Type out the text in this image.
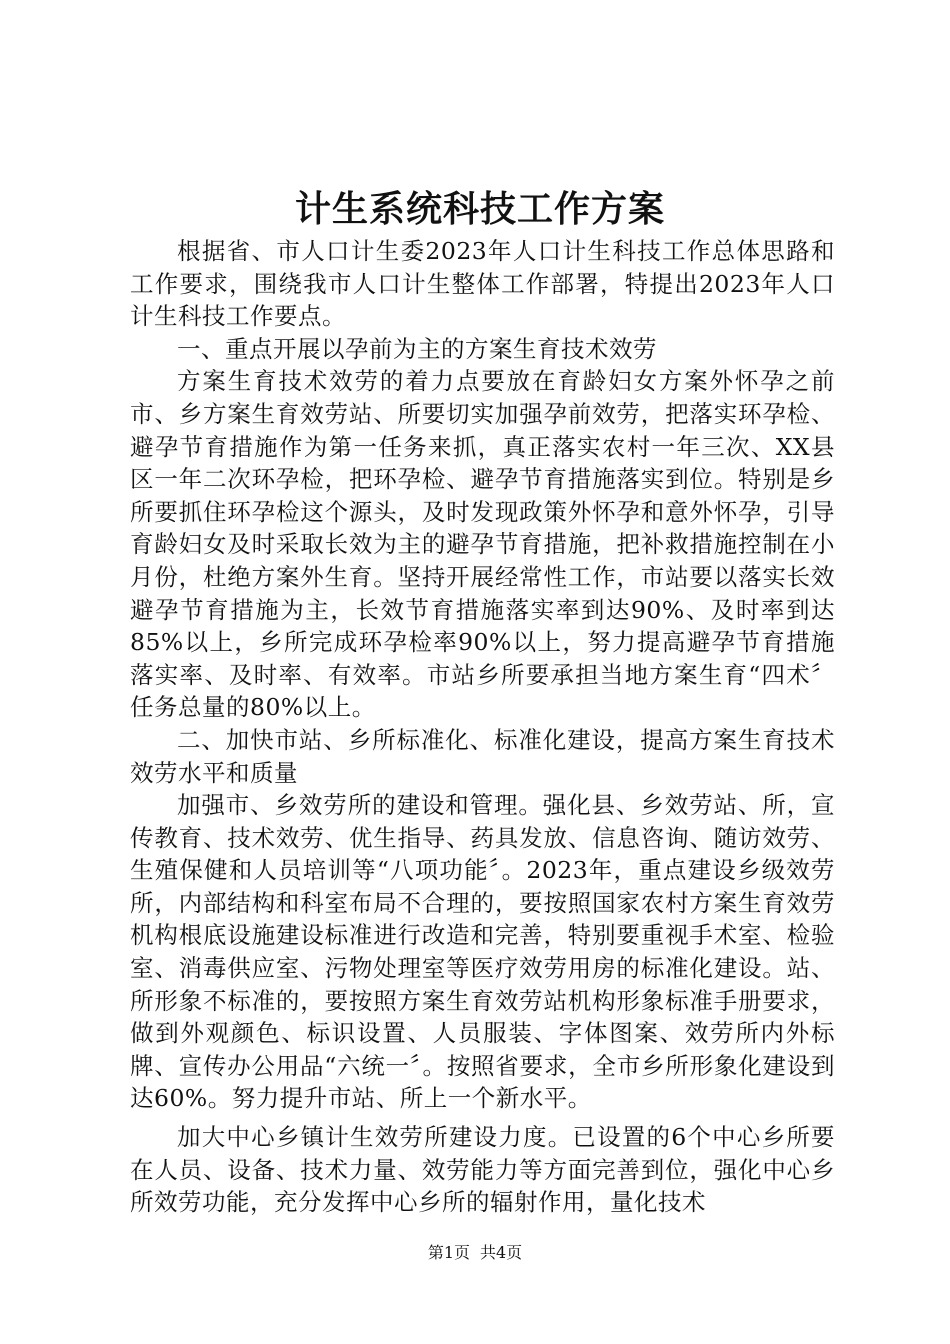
计生系统科技工作方案

根据省、市人口计生委2023年人口计生科技工作总体思路和工作要求，围绕我市人口计生整体工作部署，特提出2023年人口计生科技工作要点。

一、重点开展以孕前为主的方案生育技术效劳

方案生育技术效劳的着力点要放在育龄妇女方案外怀孕之前市、乡方案生育效劳站、所要切实加强孕前效劳，把落实环孕检、避孕节育措施作为第一任务来抓，真正落实农村一年三次、XX县区一年二次环孕检，把环孕检、避孕节育措施落实到位。特别是乡所要抓住环孕检这个源头，及时发现政策外怀孕和意外怀孕，引导育龄妇女及时采取长效为主的避孕节育措施，把补救措施控制在小月份，杜绝方案外生育。坚持开展经常性工作，市站要以落实长效避孕节育措施为主，长效节育措施落实率到达90%、及时率到达85%以上，乡所完成环孕检率90%以上，努力提高避孕节育措施落实率、及时率、有效率。市站乡所要承担当地方案生育“四术〞任务总量的80%以上。

二、加快市站、乡所标准化、标准化建设，提高方案生育技术效劳水平和质量

加强市、乡效劳所的建设和管理。强化县、乡效劳站、所，宣传教育、技术效劳、优生指导、药具发放、信息咨询、随访效劳、生殖保健和人员培训等“八项功能〞。2023年，重点建设乡级效劳所，内部结构和科室布局不合理的，要按照国家农村方案生育效劳机构根底设施建设标准进行改造和完善，特别要重视手术室、检验室、消毒供应室、污物处理室等医疗效劳用房的标准化建设。站、所形象不标准的，要按照方案生育效劳站机构形象标准手册要求，做到外观颜色、标识设置、人员服装、字体图案、效劳所内外标牌、宣传办公用品“六统一〞。按照省要求，全市乡所形象化建设到达60%。努力提升市站、所上一个新水平。

加大中心乡镇计生效劳所建设力度。已设置的6个中心乡所要在人员、设备、技术力量、效劳能力等方面完善到位，强化中心乡所效劳功能，充分发挥中心乡所的辐射作用，量化技术

第1页 共4页
